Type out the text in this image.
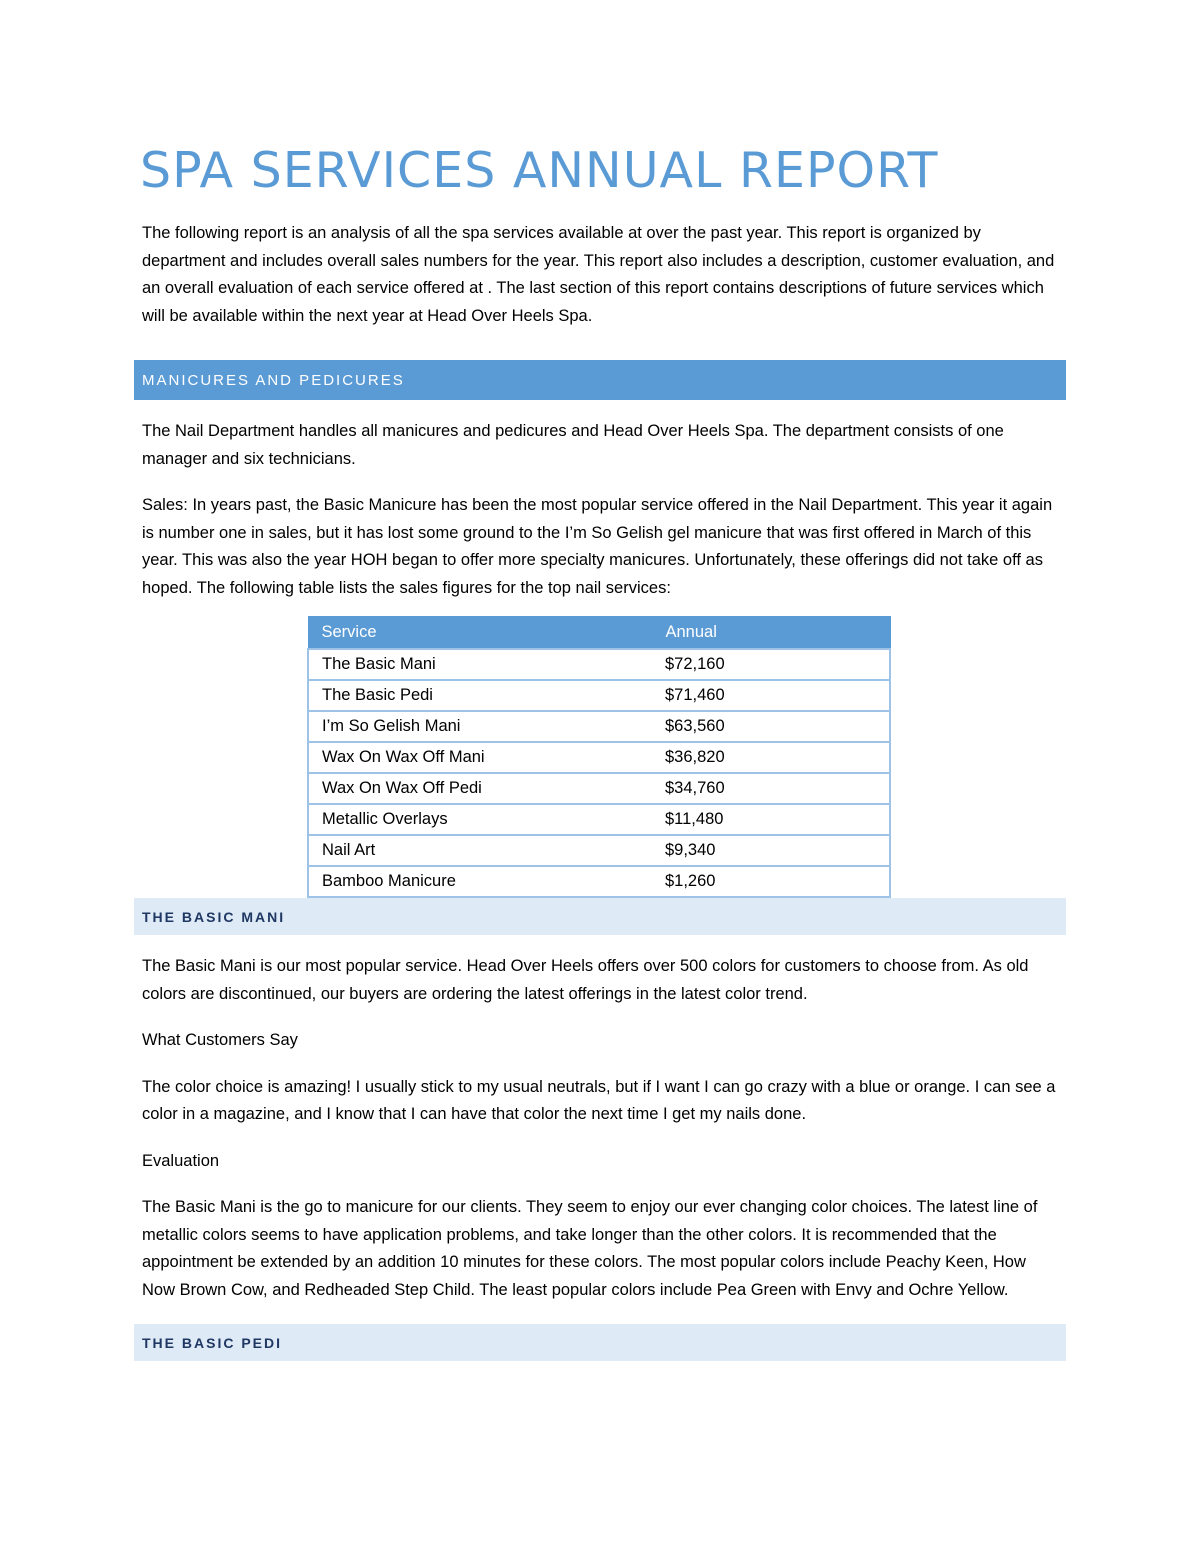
SPA SERVICES ANNUAL REPORT

The following report is an analysis of all the spa services available at over the past year. This report is organized by department and includes overall sales numbers for the year. This report also includes a description, customer evaluation, and an overall evaluation of each service offered at . The last section of this report contains descriptions of future services which will be available within the next year at Head Over Heels Spa.

MANICURES AND PEDICURES

The Nail Department handles all manicures and pedicures and Head Over Heels Spa. The department consists of one manager and six technicians.

Sales: In years past, the Basic Manicure has been the most popular service offered in the Nail Department. This year it again is number one in sales, but it has lost some ground to the I’m So Gelish gel manicure that was first offered in March of this year. This was also the year HOH began to offer more specialty manicures. Unfortunately, these offerings did not take off as hoped. The following table lists the sales figures for the top nail services:

Service	Annual
The Basic Mani	$72,160
The Basic Pedi	$71,460
I’m So Gelish Mani	$63,560
Wax On Wax Off Mani	$36,820
Wax On Wax Off Pedi	$34,760
Metallic Overlays	$11,480
Nail Art	$9,340
Bamboo Manicure	$1,260
THE BASIC MANI

The Basic Mani is our most popular service. Head Over Heels offers over 500 colors for customers to choose from. As old colors are discontinued, our buyers are ordering the latest offerings in the latest color trend.

What Customers Say

The color choice is amazing! I usually stick to my usual neutrals, but if I want I can go crazy with a blue or orange. I can see a color in a magazine, and I know that I can have that color the next time I get my nails done.

Evaluation

The Basic Mani is the go to manicure for our clients. They seem to enjoy our ever changing color choices. The latest line of metallic colors seems to have application problems, and take longer than the other colors. It is recommended that the appointment be extended by an addition 10 minutes for these colors. The most popular colors include Peachy Keen, How Now Brown Cow, and Redheaded Step Child. The least popular colors include Pea Green with Envy and Ochre Yellow.

THE BASIC PEDI
